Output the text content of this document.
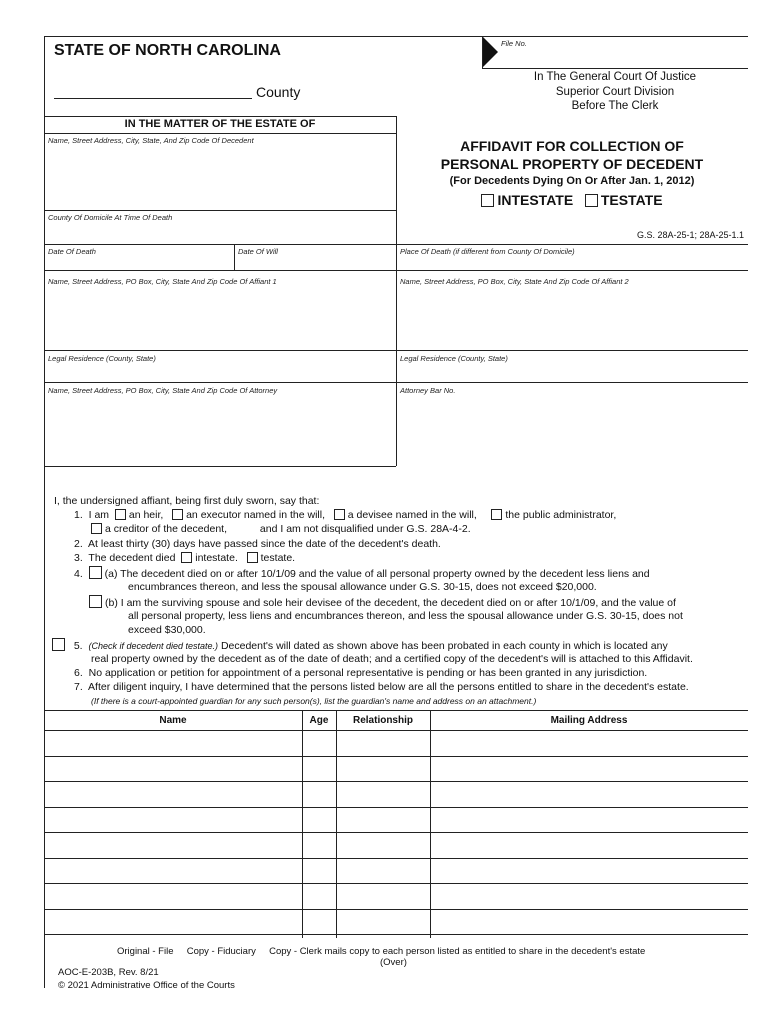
STATE OF NORTH CAROLINA
County
File No.
In The General Court Of Justice
Superior Court Division
Before The Clerk
IN THE MATTER OF THE ESTATE OF
Name, Street Address, City, State, And Zip Code Of Decedent
County Of Domicile At Time Of Death
AFFIDAVIT FOR COLLECTION OF
PERSONAL PROPERTY OF DECEDENT
(For Decedents Dying On Or After Jan. 1, 2012)
INTESTATE TESTATE
G.S. 28A-25-1; 28A-25-1.1
Date Of Death	Date Of Will	Place Of Death (if different from County Of Domicile)
Name, Street Address, PO Box, City, State And Zip Code Of Affiant 1	Name, Street Address, PO Box, City, State And Zip Code Of Affiant 2
Legal Residence (County, State)	Legal Residence (County, State)
Name, Street Address, PO Box, City, State And Zip Code Of Attorney	Attorney Bar No.
I, the undersigned affiant, being first duly sworn, say that:
1. I am an heir, an executor named in the will, a devisee named in the will,	the public administrator,
a creditor of the decedent,	and I am not disqualified under G.S. 28A-4-2.
2. At least thirty (30) days have passed since the date of the decedent's death.
3. The decedent died intestate. testate.
4. (a) The decedent died on or after 10/1/09 and the value of all personal property owned by the decedent less liens and
encumbrances thereon, and less the spousal allowance under G.S. 30-15, does not exceed $20,000.
(b) I am the surviving spouse and sole heir devisee of the decedent, the decedent died on or after 10/1/09, and the value of
all personal property, less liens and encumbrances thereon, and less the spousal allowance under G.S. 30-15, does not
exceed $30,000.
5. (Check if decedent died testate.) Decedent's will dated as shown above has been probated in each county in which is located any
real property owned by the decedent as of the date of death; and a certified copy of the decedent's will is attached to this Affidavit.
6. No application or petition for appointment of a personal representative is pending or has been granted in any jurisdiction.
7. After diligent inquiry, I have determined that the persons listed below are all the persons entitled to share in the decedent's estate.
(If there is a court-appointed guardian for any such person(s), list the guardian's name and address on an attachment.)
Name	Age	Relationship	Mailing Address
Original - File Copy - Fiduciary Copy - Clerk mails copy to each person listed as entitled to share in the decedent's estate
(Over)
AOC-E-203B, Rev. 8/21
© 2021 Administrative Office of the Courts
